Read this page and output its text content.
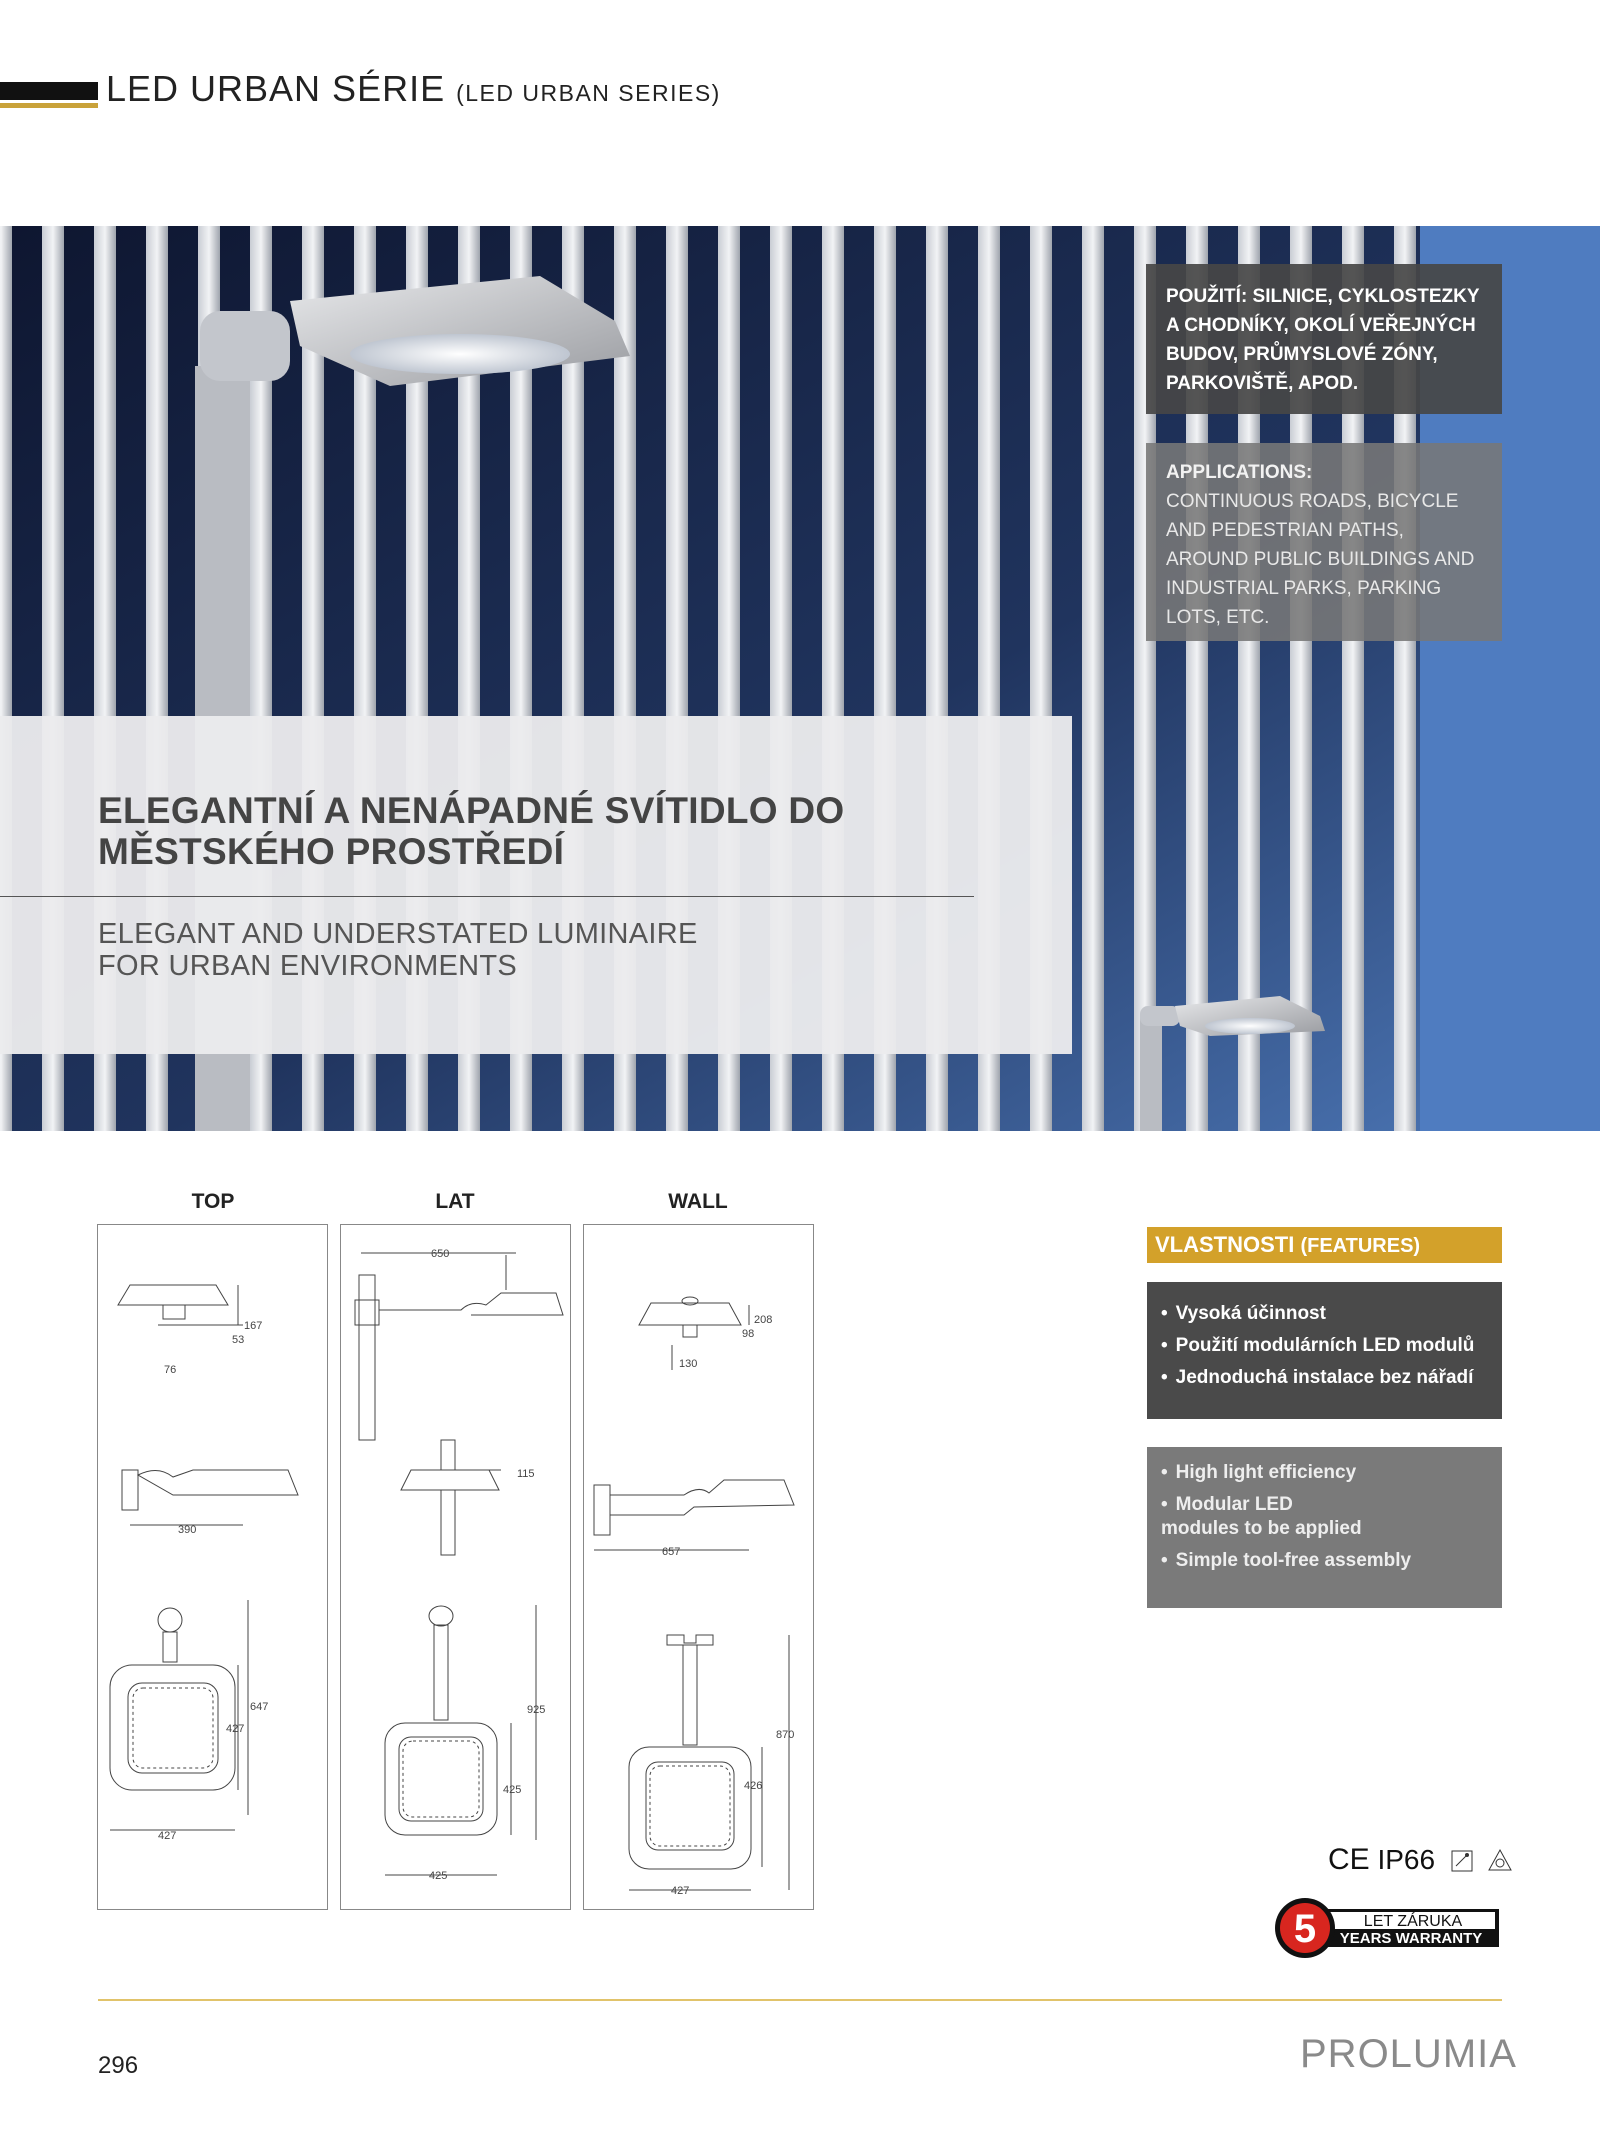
LED URBAN SÉRIE (LED URBAN SERIES)
POUŽITÍ: SILNICE, CYKLOSTEZKY A CHODNÍKY, OKOLÍ VEŘEJNÝCH BUDOV, PRŮMYSLOVÉ ZÓNY, PARKOVIŠTĚ, APOD.
APPLICATIONS:
CONTINUOUS ROADS, BICYCLE AND PEDESTRIAN PATHS, AROUND PUBLIC BUILDINGS AND INDUSTRIAL PARKS, PARKING LOTS, ETC.
ELEGANTNÍ A NENÁPADNÉ SVÍTIDLO DO
MĚSTSKÉHO PROSTŘEDÍ
ELEGANT AND UNDERSTATED LUMINAIRE
FOR URBAN ENVIRONMENTS
TOP	LAT	WALL
167
53
76
390
647
427
427
650
115
925
425
425
208
98
130
657
870
426
427
VLASTNOSTI (FEATURES)
• Vysoká účinnost
• Použití modulárních LED modulů
• Jednoduchá instalace bez nářadí
• High light efficiency
• Modular LED modules to be applied
• Simple tool-free assembly
CE IP66
5	LET ZÁRUKA
YEARS WARRANTY
296	PROLUMIA
